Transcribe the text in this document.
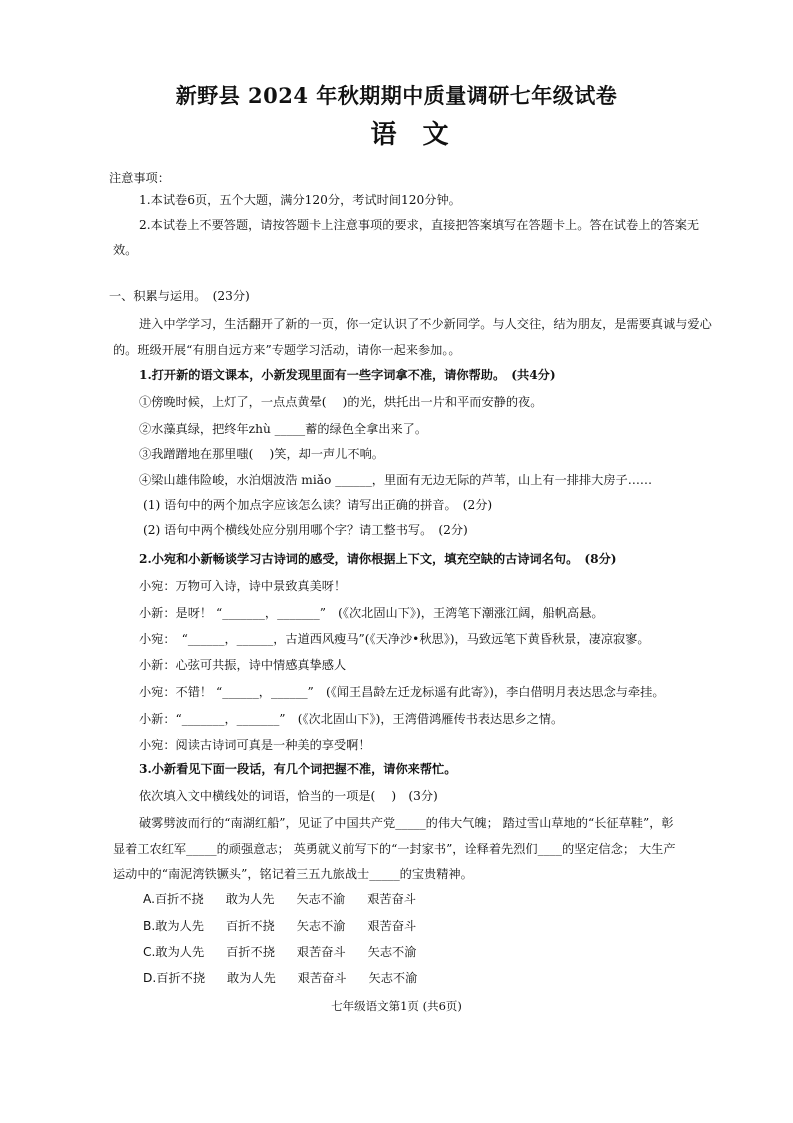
新野县 2024 年秋期期中质量调研七年级试卷
语文
注意事项：
1.本试卷6页，五个大题，满分120分，考试时间120分钟。
2.本试卷上不要答题，请按答题卡上注意事项的要求，直接把答案填写在答题卡上。答在试卷上的答案无
效。
一、积累与运用。　(23分)
进入中学学习，生活翻开了新的一页，你一定认识了不少新同学。与人交往，结为朋友，是需要真诚与爱心
的。班级开展“有朋自远方来”专题学习活动，请你一起来参加。。
1.打开新的语文课本，小新发现里面有一些字词拿不准，请你帮助。　(共4分)
①傍晚时候，上灯了，一点点黄晕(　 )的光，烘托出一片和平而安静的夜。
②水藻真绿，把终年zhù _____蓄的绿色全拿出来了。
③我蹭蹭地在那里嗤(　 )笑，却一声儿不响。
④梁山雄伟险峻，水泊烟波浩 miǎo ______，里面有无边无际的芦苇，山上有一排排大房子……
(1) 语句中的两个加点字应该怎么读？请写出正确的拼音。　(2分)
(2) 语句中两个横线处应分别用哪个字？请工整书写。　(2分)
2.小宛和小新畅谈学习古诗词的感受，请你根据上下文，填充空缺的古诗词名句。　(8分)
小宛：万物可入诗，诗中景致真美呀！
小新：是呀！ “_______，_______”　(《次北固山下》)，王湾笔下潮涨江阔，船帆高悬。
小宛：　“______，______，古道西风瘦马”(《天净沙•秋思》)，马致远笔下黄昏秋景，凄凉寂寥。
小新：心弦可共振，诗中情感真挚感人
小宛：不错！ “______，______”　(《闻王昌龄左迁龙标遥有此寄》)，李白借明月表达思念与牵挂。
小新：“_______，_______”　(《次北固山下》)，王湾借鸿雁传书表达思乡之情。
小宛：阅读古诗词可真是一种美的享受啊！
3.小新看见下面一段话，有几个词把握不准，请你来帮忙。
依次填入文中横线处的词语，恰当的一项是(　 )　(3分)
破雾劈波而行的“南湖红船”，见证了中国共产党_____的伟大气魄； 踏过雪山草地的“长征草鞋”，彰
显着工农红军_____的顽强意志； 英勇就义前写下的“一封家书”，诠释着先烈们____的坚定信念； 大生产
运动中的“南泥湾铁镢头”，铭记着三五九旅战士_____的宝贵精神。
A.百折不挠 敢为人先 矢志不渝 艰苦奋斗
B.敢为人先 百折不挠 矢志不渝 艰苦奋斗
C.敢为人先 百折不挠 艰苦奋斗 矢志不渝
D.百折不挠 敢为人先 艰苦奋斗 矢志不渝
七年级语文第1页 (共6页)
